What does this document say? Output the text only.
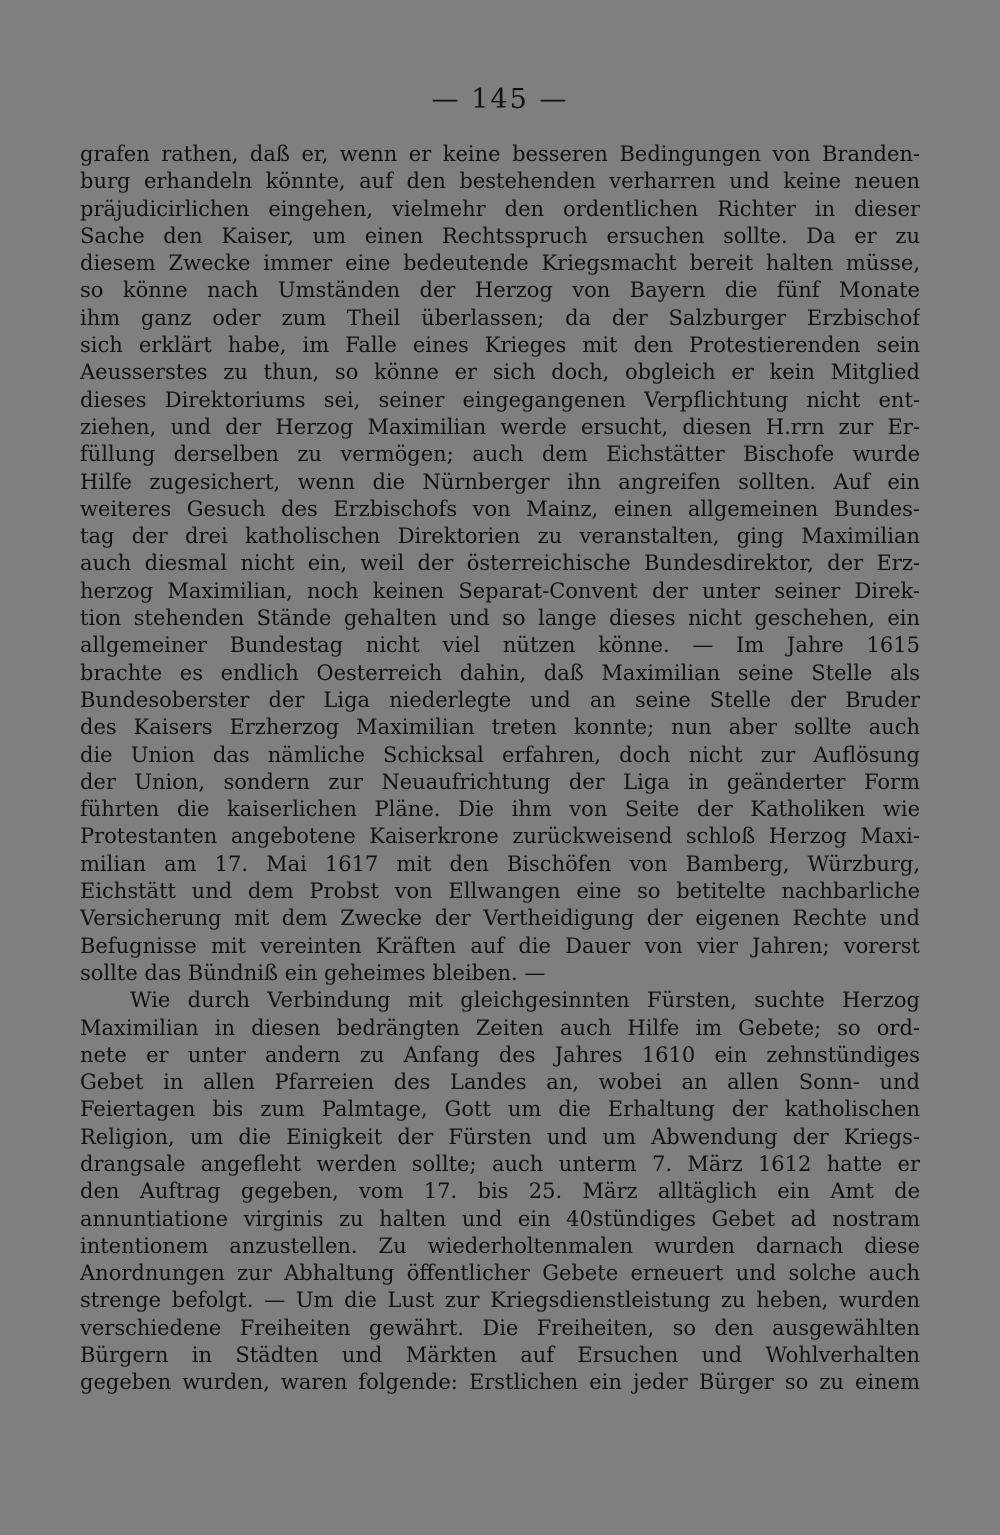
— 145 —
grafen rathen, daß er, wenn er keine besseren Bedingungen von Branden-
burg erhandeln könnte, auf den bestehenden verharren und keine neuen
präjudicirlichen eingehen, vielmehr den ordentlichen Richter in dieser
Sache den Kaiser, um einen Rechtsspruch ersuchen sollte. Da er zu
diesem Zwecke immer eine bedeutende Kriegsmacht bereit halten müsse,
so könne nach Umständen der Herzog von Bayern die fünf Monate
ihm ganz oder zum Theil überlassen; da der Salzburger Erzbischof
sich erklärt habe, im Falle eines Krieges mit den Protestierenden sein
Aeusserstes zu thun, so könne er sich doch, obgleich er kein Mitglied
dieses Direktoriums sei, seiner eingegangenen Verpflichtung nicht ent-
ziehen, und der Herzog Maximilian werde ersucht, diesen H.rrn zur Er-
füllung derselben zu vermögen; auch dem Eichstätter Bischofe wurde
Hilfe zugesichert, wenn die Nürnberger ihn angreifen sollten. Auf ein
weiteres Gesuch des Erzbischofs von Mainz, einen allgemeinen Bundes-
tag der drei katholischen Direktorien zu veranstalten, ging Maximilian
auch diesmal nicht ein, weil der österreichische Bundesdirektor, der Erz-
herzog Maximilian, noch keinen Separat-Convent der unter seiner Direk-
tion stehenden Stände gehalten und so lange dieses nicht geschehen, ein
allgemeiner Bundestag nicht viel nützen könne. — Im Jahre 1615
brachte es endlich Oesterreich dahin, daß Maximilian seine Stelle als
Bundesoberster der Liga niederlegte und an seine Stelle der Bruder
des Kaisers Erzherzog Maximilian treten konnte; nun aber sollte auch
die Union das nämliche Schicksal erfahren, doch nicht zur Auflösung
der Union, sondern zur Neuaufrichtung der Liga in geänderter Form
führten die kaiserlichen Pläne. Die ihm von Seite der Katholiken wie
Protestanten angebotene Kaiserkrone zurückweisend schloß Herzog Maxi-
milian am 17. Mai 1617 mit den Bischöfen von Bamberg, Würzburg,
Eichstätt und dem Probst von Ellwangen eine so betitelte nachbarliche
Versicherung mit dem Zwecke der Vertheidigung der eigenen Rechte und
Befugnisse mit vereinten Kräften auf die Dauer von vier Jahren; vorerst
sollte das Bündniß ein geheimes bleiben. —
Wie durch Verbindung mit gleichgesinnten Fürsten, suchte Herzog
Maximilian in diesen bedrängten Zeiten auch Hilfe im Gebete; so ord-
nete er unter andern zu Anfang des Jahres 1610 ein zehnstündiges
Gebet in allen Pfarreien des Landes an, wobei an allen Sonn- und
Feiertagen bis zum Palmtage, Gott um die Erhaltung der katholischen
Religion, um die Einigkeit der Fürsten und um Abwendung der Kriegs-
drangsale angefleht werden sollte; auch unterm 7. März 1612 hatte er
den Auftrag gegeben, vom 17. bis 25. März alltäglich ein Amt de
annuntiatione virginis zu halten und ein 40stündiges Gebet ad nostram
intentionem anzustellen. Zu wiederholtenmalen wurden darnach diese
Anordnungen zur Abhaltung öffentlicher Gebete erneuert und solche auch
strenge befolgt. — Um die Lust zur Kriegsdienstleistung zu heben, wurden
verschiedene Freiheiten gewährt. Die Freiheiten, so den ausgewählten
Bürgern in Städten und Märkten auf Ersuchen und Wohlverhalten
gegeben wurden, waren folgende: Erstlichen ein jeder Bürger so zu einem
